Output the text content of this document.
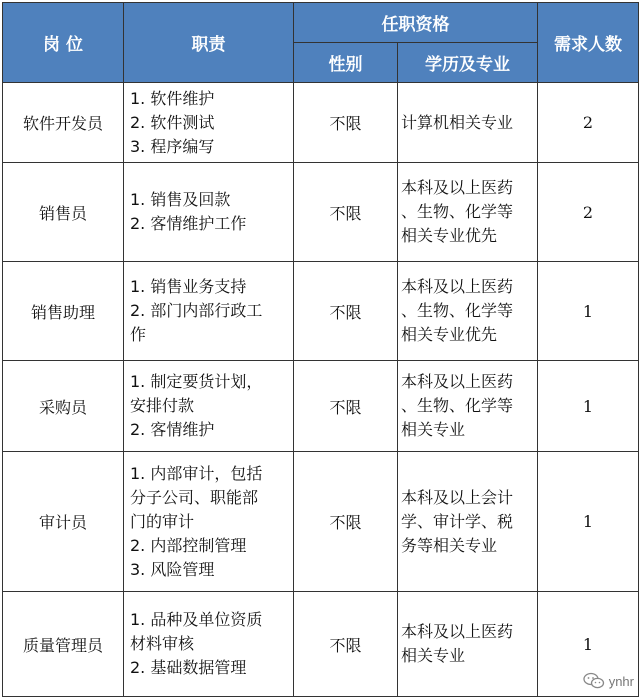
岗 位	职责	任职资格		需求人数
		性别	学历及专业	
软件开发员	1. 软件维护
2. 软件测试
3. 程序编写	不限	计算机相关专业	2
销售员	1. 销售及回款
2. 客情维护工作	不限	本科及以上医药
、生物、化学等
相关专业优先	2
销售助理	1. 销售业务支持
2. 部门内部行政工
作	不限	本科及以上医药
、生物、化学等
相关专业优先	1
采购员	1. 制定要货计划，
安排付款
2. 客情维护	不限	本科及以上医药
、生物、化学等
相关专业	1
审计员	1. 内部审计，包括
分子公司、职能部
门的审计
2. 内部控制管理
3. 风险管理	不限	本科及以上会计
学、审计学、税
务等相关专业	1
质量管理员	1. 品种及单位资质
材料审核
2. 基础数据管理	不限	本科及以上医药
相关专业	1
ynhr
